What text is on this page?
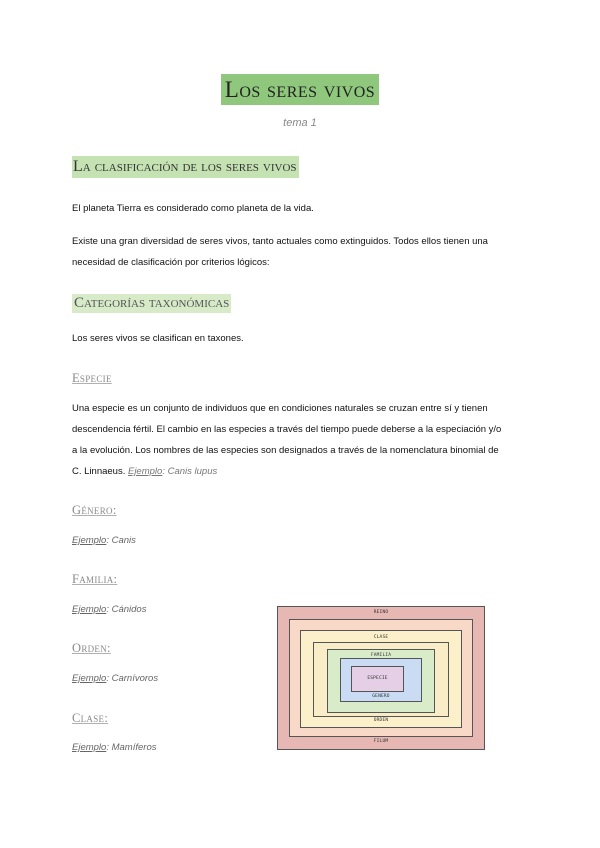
Los seres vivos
tema 1
La clasificación de los seres vivos
El planeta Tierra es considerado como planeta de la vida.
Existe una gran diversidad de seres vivos, tanto actuales como extinguidos. Todos ellos tienen una
necesidad de clasificación por criterios lógicos:
Categorías taxonómicas
Los seres vivos se clasifican en taxones.
Especie
Una especie es un conjunto de individuos que en condiciones naturales se cruzan entre sí y tienen
descendencia fértil. El cambio en las especies a través del tiempo puede deberse a la especiación y/o
a la evolución. Los nombres de las especies son designados a través de la nomenclatura binomial de
C. Linnaeus. Ejemplo: Canis lupus
Género:
Ejemplo: Canis
Familia:
Ejemplo: Cánidos
Orden:
Ejemplo: Carnívoros
Clase:
Ejemplo: Mamíferos
REINO
FILUM
CLASE
ORDEN
FAMILIA
GENERO
ESPECIE
